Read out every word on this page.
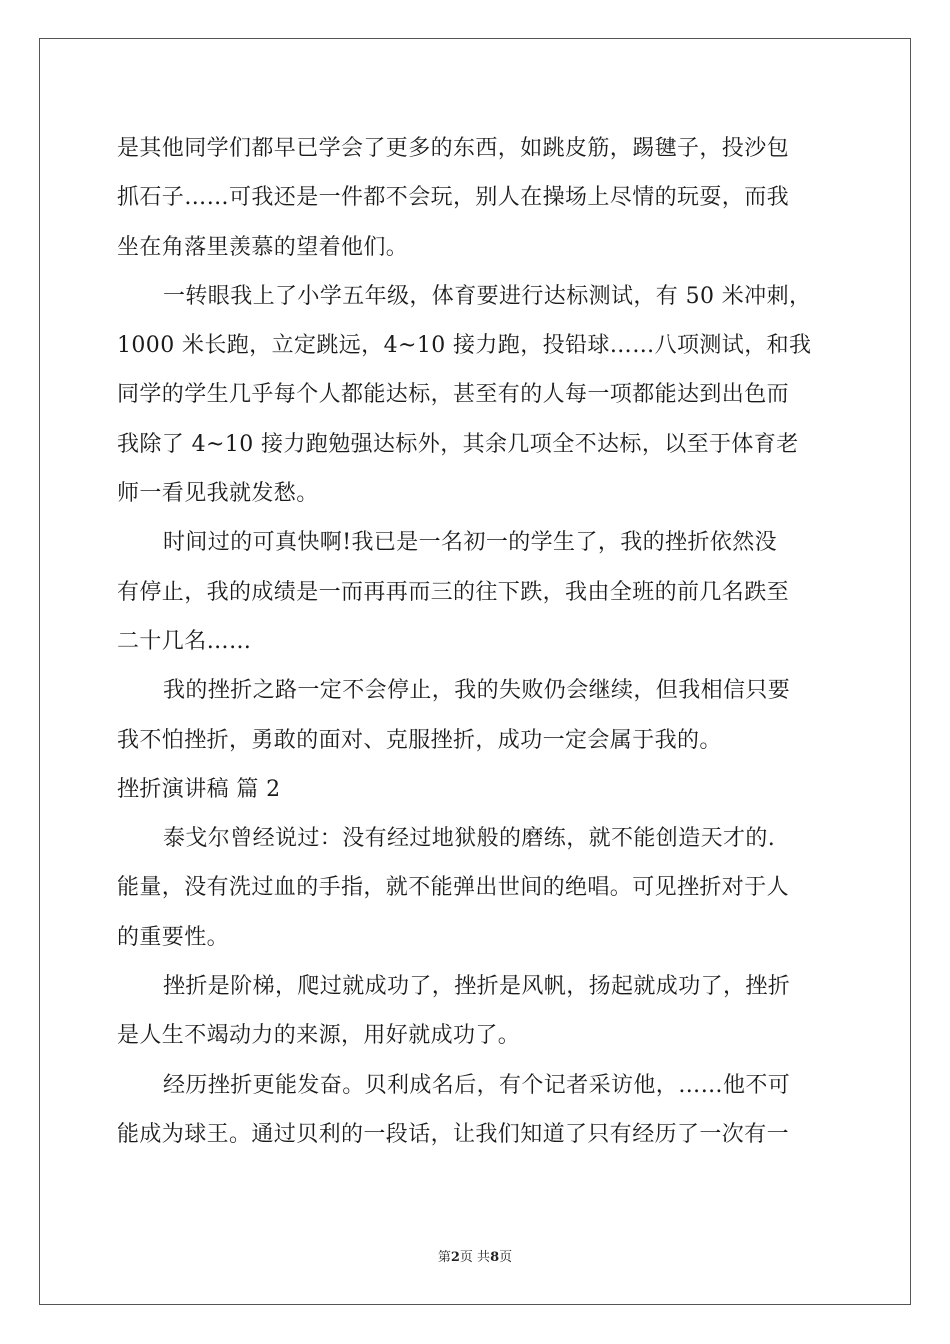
是其他同学们都早已学会了更多的东西，如跳皮筋，踢毽子，投沙包
抓石子……可我还是一件都不会玩，别人在操场上尽情的玩耍，而我
坐在角落里羡慕的望着他们。
一转眼我上了小学五年级，体育要进行达标测试，有 50 米冲刺，
1000 米长跑，立定跳远，4~10 接力跑，投铅球……八项测试，和我
同学的学生几乎每个人都能达标，甚至有的人每一项都能达到出色而
我除了 4~10 接力跑勉强达标外，其余几项全不达标，以至于体育老
师一看见我就发愁。
时间过的可真快啊!我已是一名初一的学生了，我的挫折依然没
有停止，我的成绩是一而再再而三的往下跌，我由全班的前几名跌至
二十几名……
我的挫折之路一定不会停止，我的失败仍会继续，但我相信只要
我不怕挫折，勇敢的面对、克服挫折，成功一定会属于我的。
挫折演讲稿 篇 2
泰戈尔曾经说过：没有经过地狱般的磨练，就不能创造天才的.
能量，没有洗过血的手指，就不能弹出世间的绝唱。可见挫折对于人
的重要性。
挫折是阶梯，爬过就成功了，挫折是风帆，扬起就成功了，挫折
是人生不竭动力的来源，用好就成功了。
经历挫折更能发奋。贝利成名后，有个记者采访他，……他不可
能成为球王。通过贝利的一段话，让我们知道了只有经历了一次有一
第2页 共8页
